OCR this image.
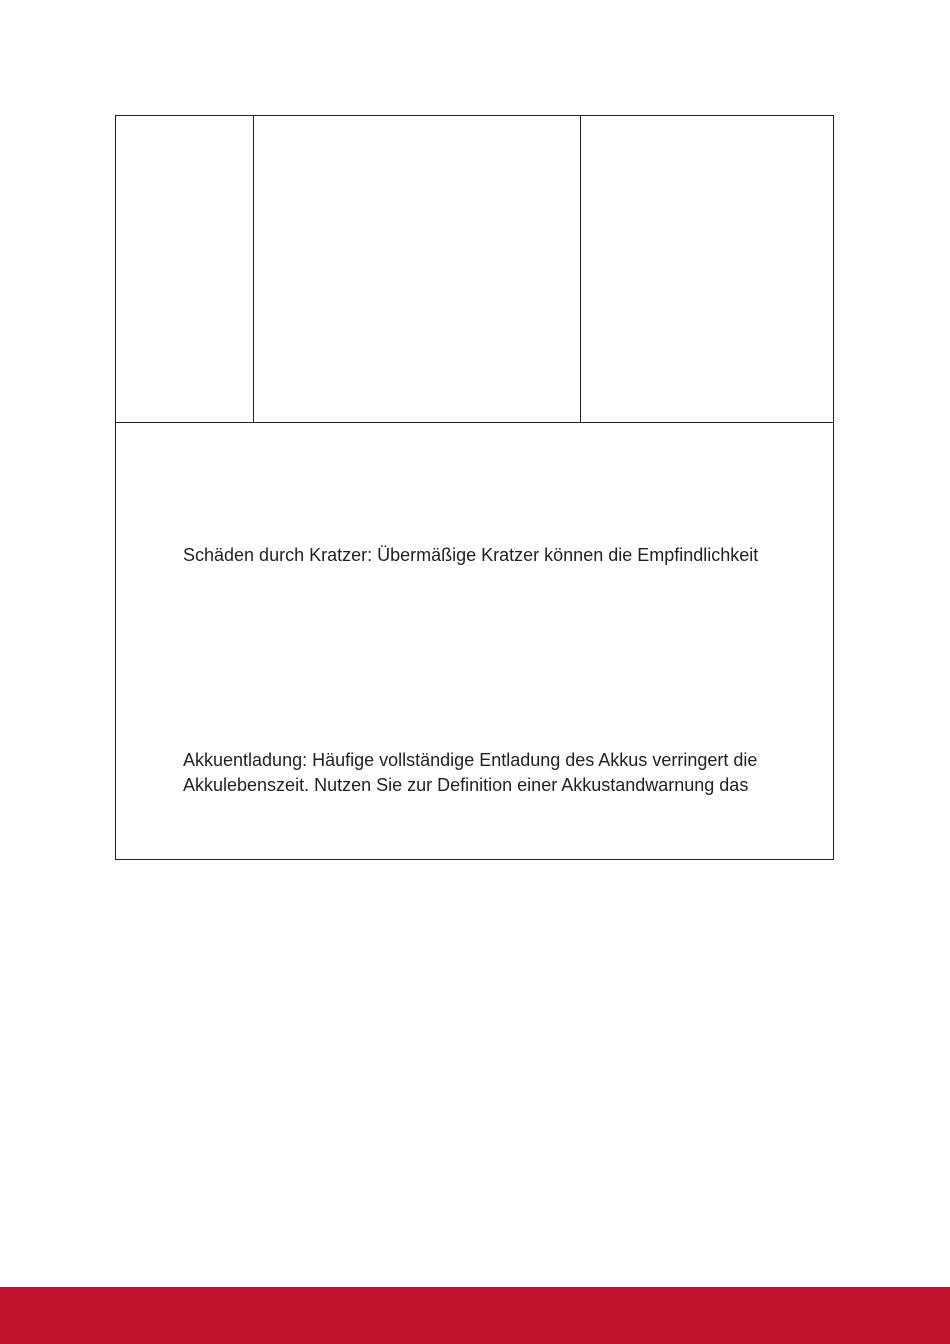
Schäden durch Kratzer: Übermäßige Kratzer können die Empfindlichkeit
Akkuentladung: Häufige vollständige Entladung des Akkus verringert die
Akkulebenszeit. Nutzen Sie zur Definition einer Akkustandwarnung das
